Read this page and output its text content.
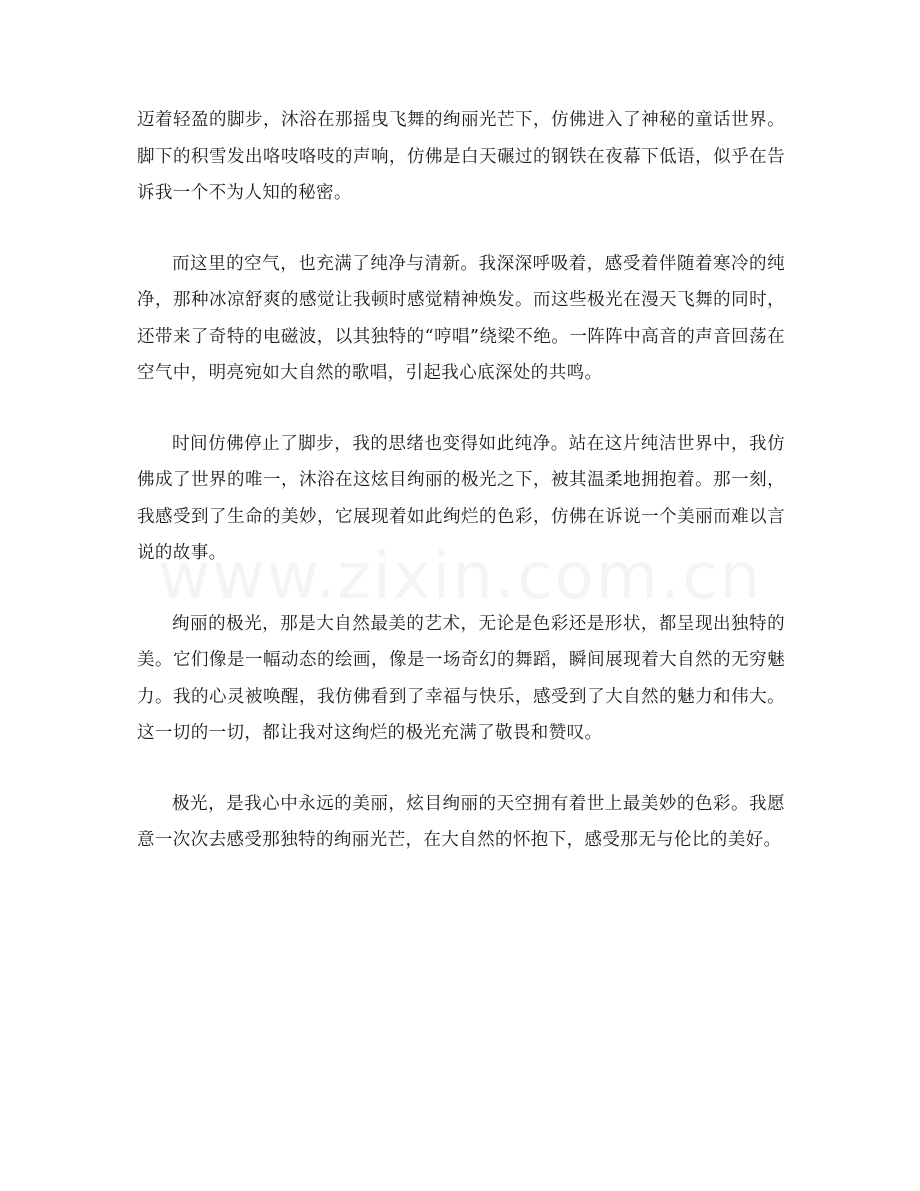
迈着轻盈的脚步，沐浴在那摇曳飞舞的绚丽光芒下，仿佛进入了神秘的童话世界。脚下的积雪发出咯吱咯吱的声响，仿佛是白天碾过的钢铁在夜幕下低语，似乎在告诉我一个不为人知的秘密。

而这里的空气，也充满了纯净与清新。我深深呼吸着，感受着伴随着寒冷的纯净，那种冰凉舒爽的感觉让我顿时感觉精神焕发。而这些极光在漫天飞舞的同时，还带来了奇特的电磁波，以其独特的“哼唱”绕梁不绝。一阵阵中高音的声音回荡在空气中，明亮宛如大自然的歌唱，引起我心底深处的共鸣。

时间仿佛停止了脚步，我的思绪也变得如此纯净。站在这片纯洁世界中，我仿佛成了世界的唯一，沐浴在这炫目绚丽的极光之下，被其温柔地拥抱着。那一刻，我感受到了生命的美妙，它展现着如此绚烂的色彩，仿佛在诉说一个美丽而难以言说的故事。

绚丽的极光，那是大自然最美的艺术，无论是色彩还是形状，都呈现出独特的美。它们像是一幅动态的绘画，像是一场奇幻的舞蹈，瞬间展现着大自然的无穷魅力。我的心灵被唤醒，我仿佛看到了幸福与快乐，感受到了大自然的魅力和伟大。这一切的一切，都让我对这绚烂的极光充满了敬畏和赞叹。

极光，是我心中永远的美丽，炫目绚丽的天空拥有着世上最美妙的色彩。我愿意一次次去感受那独特的绚丽光芒，在大自然的怀抱下，感受那无与伦比的美好。
